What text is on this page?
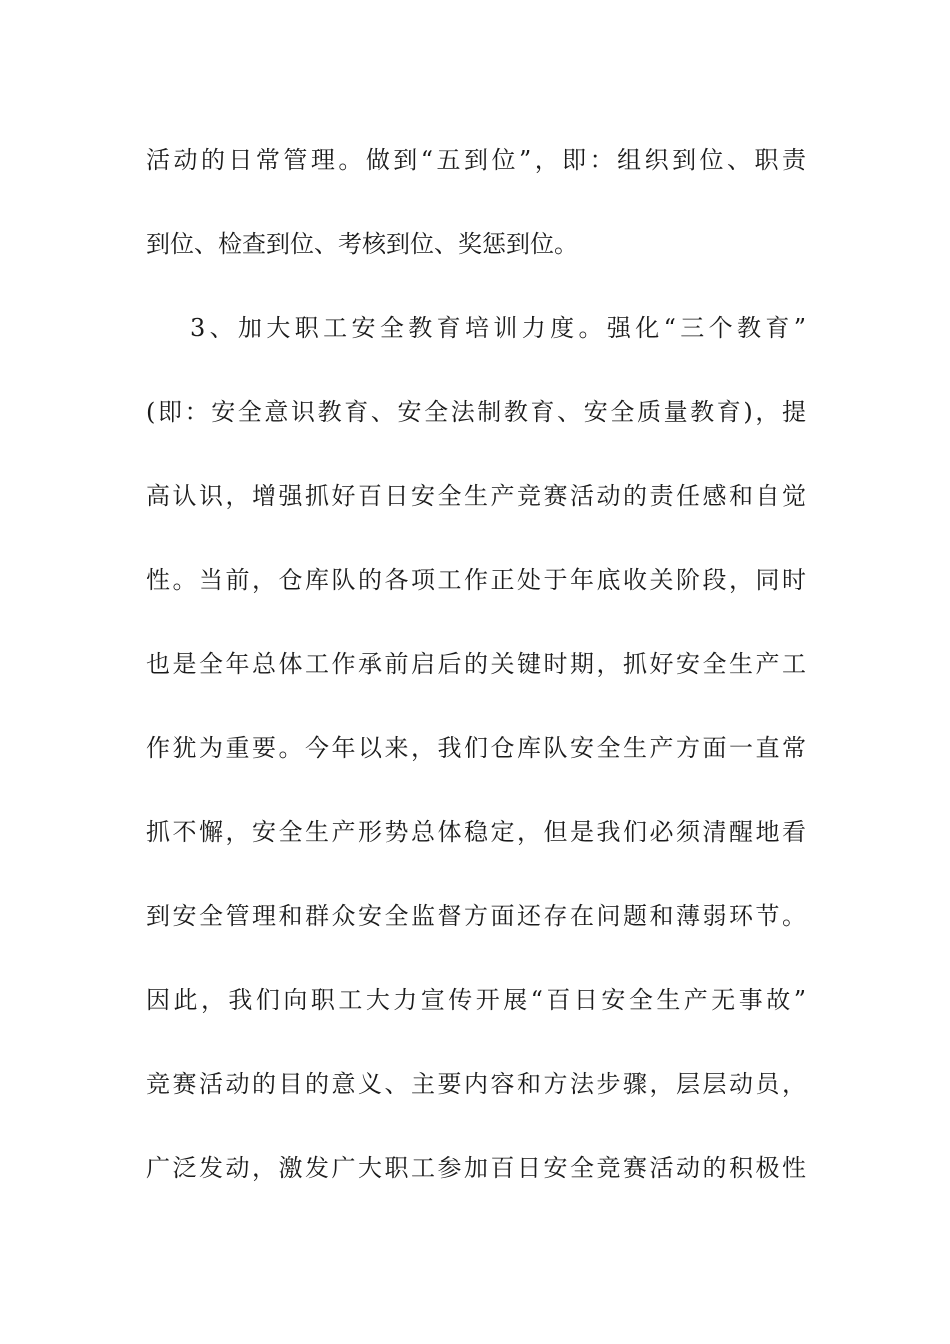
活动的日常管理。做到“五到位”，即：组织到位、职责
到位、检查到位、考核到位、奖惩到位。
3、加大职工安全教育培训力度。强化“三个教育”
(即：安全意识教育、安全法制教育、安全质量教育)，提
高认识，增强抓好百日安全生产竞赛活动的责任感和自觉
性。当前，仓库队的各项工作正处于年底收关阶段，同时
也是全年总体工作承前启后的关键时期，抓好安全生产工
作犹为重要。今年以来，我们仓库队安全生产方面一直常
抓不懈，安全生产形势总体稳定，但是我们必须清醒地看
到安全管理和群众安全监督方面还存在问题和薄弱环节。
因此，我们向职工大力宣传开展“百日安全生产无事故”
竞赛活动的目的意义、主要内容和方法步骤，层层动员，
广泛发动，激发广大职工参加百日安全竞赛活动的积极性
